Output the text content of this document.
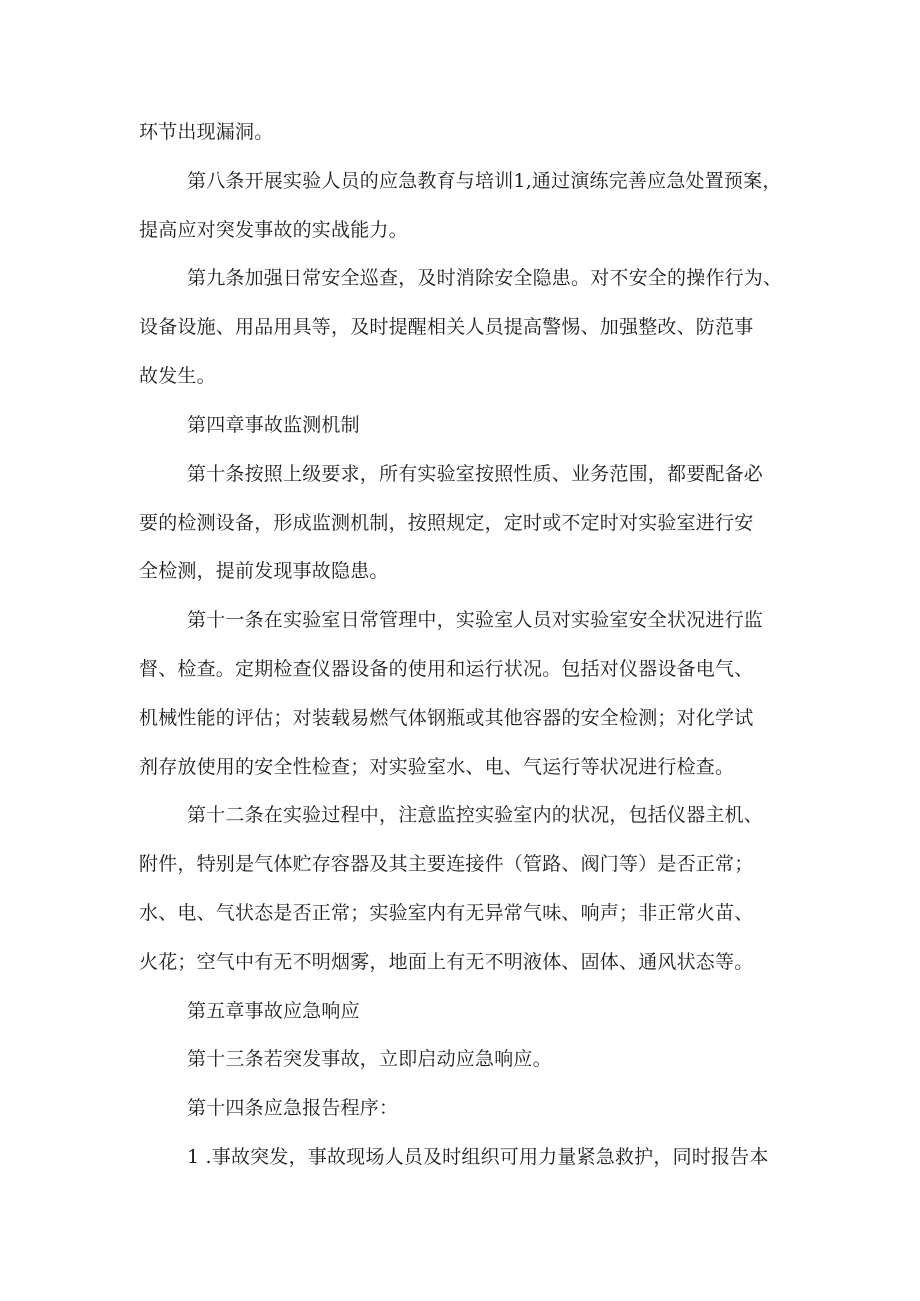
环节出现漏洞。
第八条开展实验人员的应急教育与培训1,通过演练完善应急处置预案，
提高应对突发事故的实战能力。
第九条加强日常安全巡查，及时消除安全隐患。对不安全的操作行为、
设备设施、用品用具等，及时提醒相关人员提高警惕、加强整改、防范事
故发生。
第四章事故监测机制
第十条按照上级要求，所有实验室按照性质、业务范围，都要配备必
要的检测设备，形成监测机制，按照规定，定时或不定时对实验室进行安
全检测，提前发现事故隐患。
第十一条在实验室日常管理中，实验室人员对实验室安全状况进行监
督、检查。定期检查仪器设备的使用和运行状况。包括对仪器设备电气、
机械性能的评估；对装载易燃气体钢瓶或其他容器的安全检测；对化学试
剂存放使用的安全性检查；对实验室水、电、气运行等状况进行检查。
第十二条在实验过程中，注意监控实验室内的状况，包括仪器主机、
附件，特别是气体贮存容器及其主要连接件（管路、阀门等）是否正常；
水、电、气状态是否正常；实验室内有无异常气味、响声；非正常火苗、
火花；空气中有无不明烟雾，地面上有无不明液体、固体、通风状态等。
第五章事故应急响应
第十三条若突发事故，立即启动应急响应。
第十四条应急报告程序：
1 .事故突发，事故现场人员及时组织可用力量紧急救护，同时报告本
